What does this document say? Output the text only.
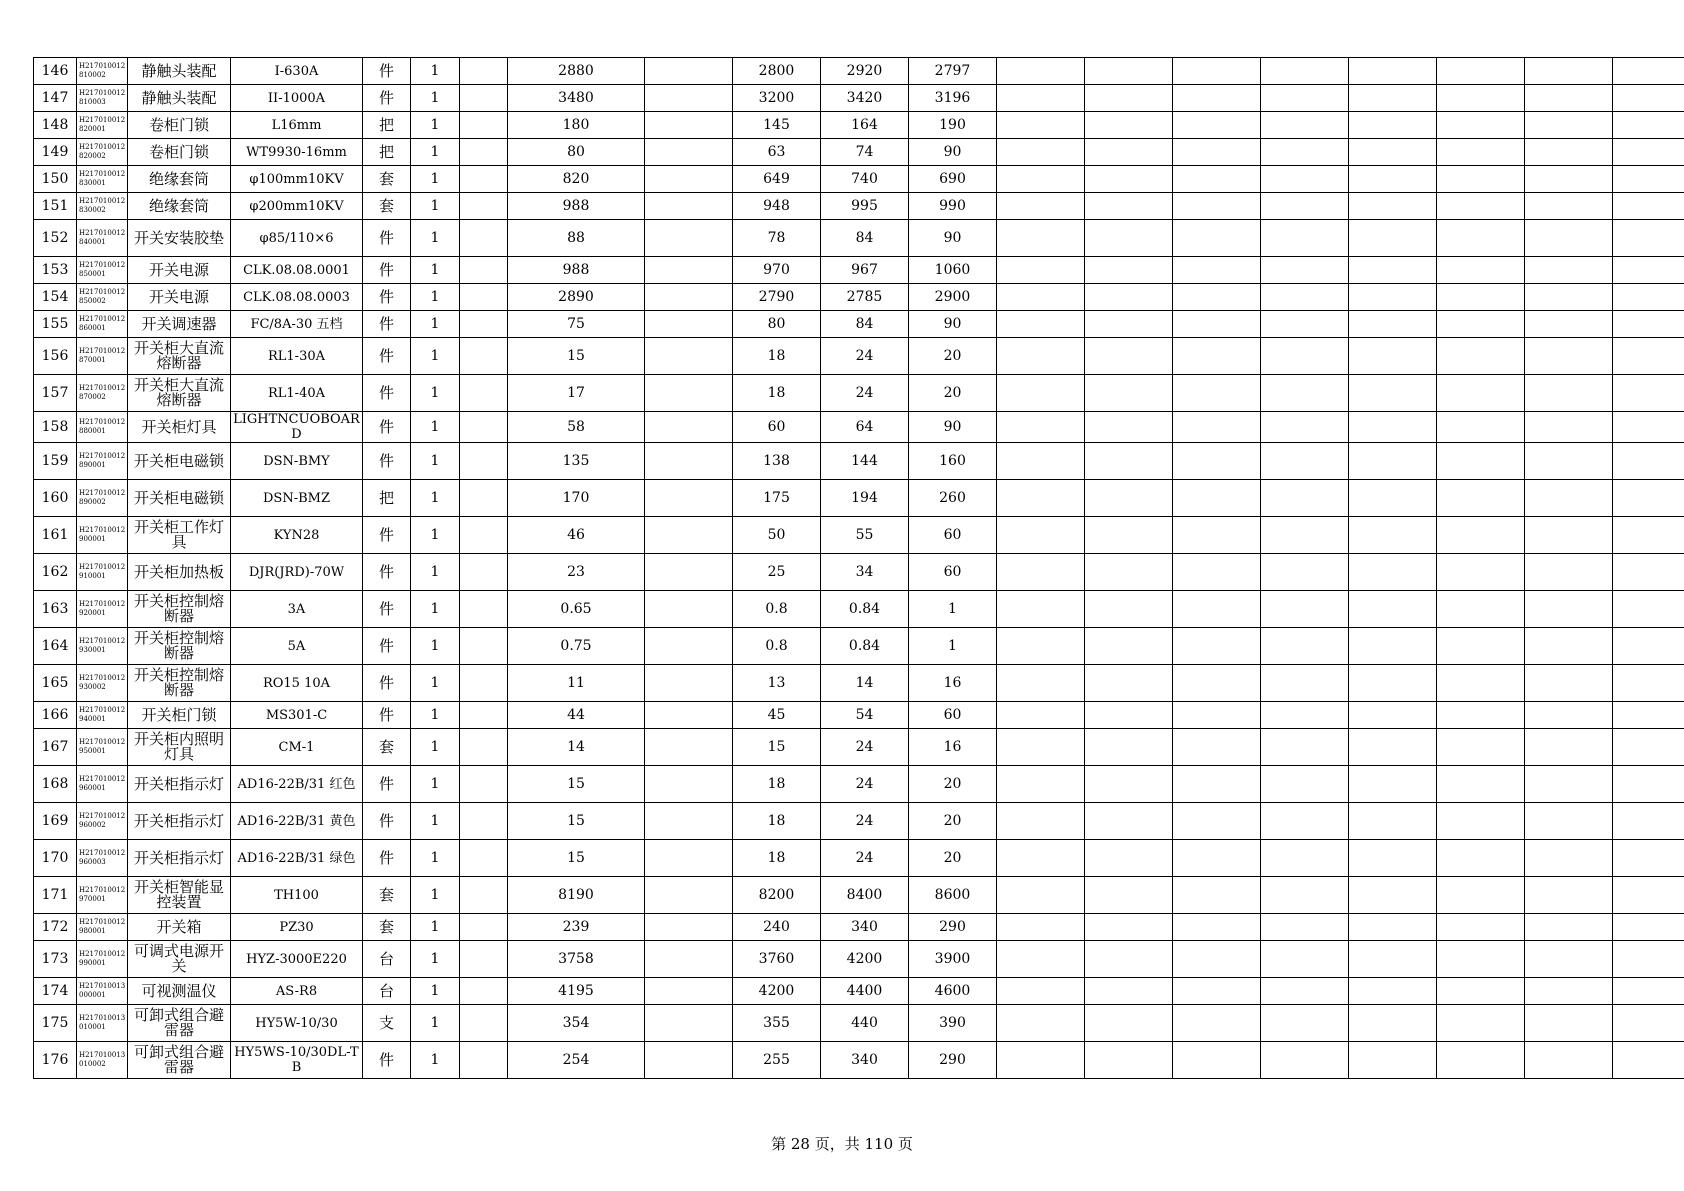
146	H217010012810002	静触头装配	I-630A	件	1		2880		2800	2920	2797								
147	H217010012810003	静触头装配	II-1000A	件	1		3480		3200	3420	3196								
148	H217010012820001	卷柜门锁	L16mm	把	1		180		145	164	190								
149	H217010012820002	卷柜门锁	WT9930-16mm	把	1		80		63	74	90								
150	H217010012830001	绝缘套筒	φ100mm10KV	套	1		820		649	740	690								
151	H217010012830002	绝缘套筒	φ200mm10KV	套	1		988		948	995	990								
152	H217010012840001	开关安装胶垫	φ85/110×6	件	1		88		78	84	90								
153	H217010012850001	开关电源	CLK.08.08.0001	件	1		988		970	967	1060								
154	H217010012850002	开关电源	CLK.08.08.0003	件	1		2890		2790	2785	2900								
155	H217010012860001	开关调速器	FC/8A-30 五档	件	1		75		80	84	90								
156	H217010012870001	开关柜大直流熔断器	RL1-30A	件	1		15		18	24	20								
157	H217010012870002	开关柜大直流熔断器	RL1-40A	件	1		17		18	24	20								
158	H217010012880001	开关柜灯具	LIGHTNCUOBOARD	件	1		58		60	64	90								
159	H217010012890001	开关柜电磁锁	DSN-BMY	件	1		135		138	144	160								
160	H217010012890002	开关柜电磁锁	DSN-BMZ	把	1		170		175	194	260								
161	H217010012900001	开关柜工作灯具	KYN28	件	1		46		50	55	60								
162	H217010012910001	开关柜加热板	DJR(JRD)-70W	件	1		23		25	34	60								
163	H217010012920001	开关柜控制熔断器	3A	件	1		0.65		0.8	0.84	1								
164	H217010012930001	开关柜控制熔断器	5A	件	1		0.75		0.8	0.84	1								
165	H217010012930002	开关柜控制熔断器	RO15 10A	件	1		11		13	14	16								
166	H217010012940001	开关柜门锁	MS301-C	件	1		44		45	54	60								
167	H217010012950001	开关柜内照明灯具	CM-1	套	1		14		15	24	16								
168	H217010012960001	开关柜指示灯	AD16-22B/31 红色	件	1		15		18	24	20								
169	H217010012960002	开关柜指示灯	AD16-22B/31 黄色	件	1		15		18	24	20								
170	H217010012960003	开关柜指示灯	AD16-22B/31 绿色	件	1		15		18	24	20								
171	H217010012970001	开关柜智能显控装置	TH100	套	1		8190		8200	8400	8600								
172	H217010012980001	开关箱	PZ30	套	1		239		240	340	290								
173	H217010012990001	可调式电源开关	HYZ-3000E220	台	1		3758		3760	4200	3900								
174	H217010013000001	可视测温仪	AS-R8	台	1		4195		4200	4400	4600								
175	H217010013010001	可卸式组合避雷器	HY5W-10/30	支	1		354		355	440	390								
176	H217010013010002	可卸式组合避雷器	HY5WS-10/30DL-TB	件	1		254		255	340	290								
第 28 页，共 110 页
